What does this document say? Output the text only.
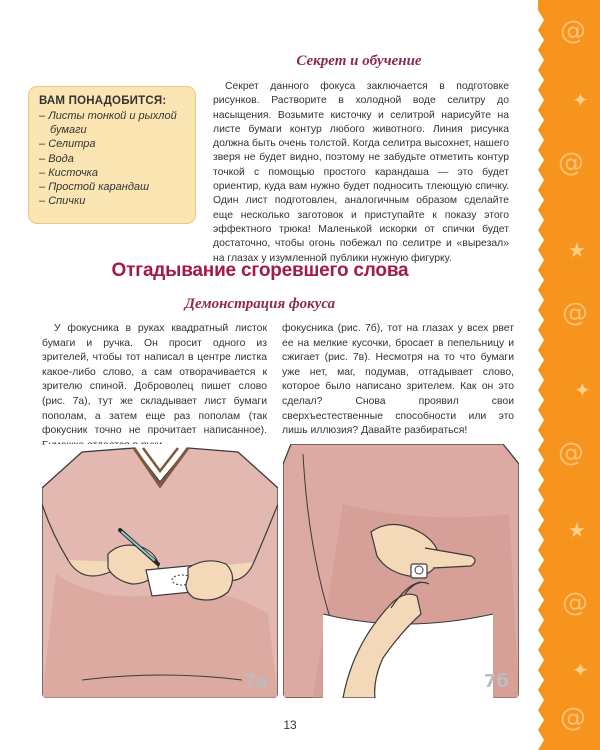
@
✦
@
★
@
✦
@
★
@
✦
@
ВАМ ПОНАДОБИТСЯ:
– Листы тонкой и рыхлой бумаги
– Селитра
– Вода
– Кисточка
– Простой карандаш
– Спички
Секрет и обучение

Секрет данного фокуса заключается в подготовке рисунков. Растворите в холодной воде селитру до насыщения. Возьмите кисточку и селитрой нарисуйте на листе бумаги контур любого животного. Линия рисунка должна быть очень толстой. Когда селитра высохнет, нашего зверя не будет видно, поэтому не забудьте отметить контур точкой с помощью простого карандаша — это будет ориентир, куда вам нужно будет подносить тлеющую спичку. Один лист подготовлен, аналогичным образом сделайте еще несколько заготовок и приступайте к показу этого эффектного трюка! Маленькой искорки от спички будет достаточно, чтобы огонь побежал по селитре и «вырезал» на глазах у изумленной публики нужную фигурку.

Отгадывание сгоревшего слова
Демонстрация фокуса

У фокусника в руках квадратный листок бумаги и ручка. Он просит одного из зрителей, чтобы тот написал в центре листка какое-либо слово, а сам отворачивается к зрителю спиной. Доброволец пишет слово (рис. 7а), тут же складывает лист бумаги пополам, а затем еще раз пополам (так фокусник точно не прочитает написанное).

фокусника (рис. 7б), тот на глазах у всех рвет ее на мелкие кусочки, бросает в пепельницу и сжигает (рис. 7в). Несмотря на то что бумаги уже нет, маг, подумав, отгадывает слово, которое было написано зрителем. Как он это сделал? Снова проявил свои сверхъестественные способности или это лишь иллюзия? Давайте разбираться!

7а	7б

13
